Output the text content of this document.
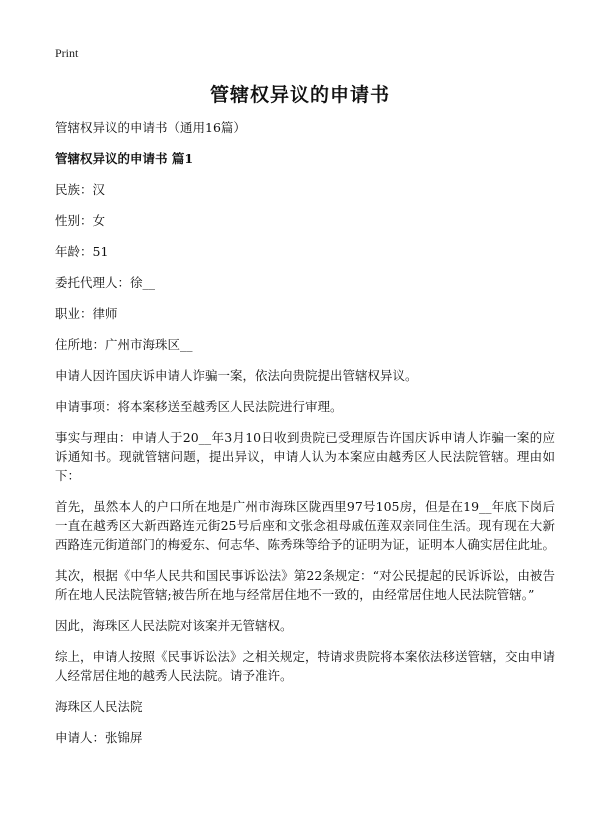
Print
管辖权异议的申请书
管辖权异议的申请书（通用16篇）
管辖权异议的申请书 篇1
民族：汉
性别：女
年龄：51
委托代理人：徐__
职业：律师
住所地：广州市海珠区__
申请人因许国庆诉申请人诈骗一案，依法向贵院提出管辖权异议。
申请事项：将本案移送至越秀区人民法院进行审理。
事实与理由：申请人于20__年3月10日收到贵院已受理原告许国庆诉申请人诈骗一案的应诉通知书。现就管辖问题，提出异议，申请人认为本案应由越秀区人民法院管辖。理由如下：
首先，虽然本人的户口所在地是广州市海珠区陇西里97号105房，但是在19__年底下岗后一直在越秀区大新西路连元街25号后座和文张念祖母戚伍莲双亲同住生活。现有现在大新西路连元街道部门的梅爱东、何志华、陈秀珠等给予的证明为证，证明本人确实居住此址。
其次，根据《中华人民共和国民事诉讼法》第22条规定：“对公民提起的民诉诉讼，由被告所在地人民法院管辖;被告所在地与经常居住地不一致的，由经常居住地人民法院管辖。”
因此，海珠区人民法院对该案并无管辖权。
综上，申请人按照《民事诉讼法》之相关规定，特请求贵院将本案依法移送管辖，交由申请人经常居住地的越秀人民法院。请予准许。
海珠区人民法院
申请人：张锦屏
